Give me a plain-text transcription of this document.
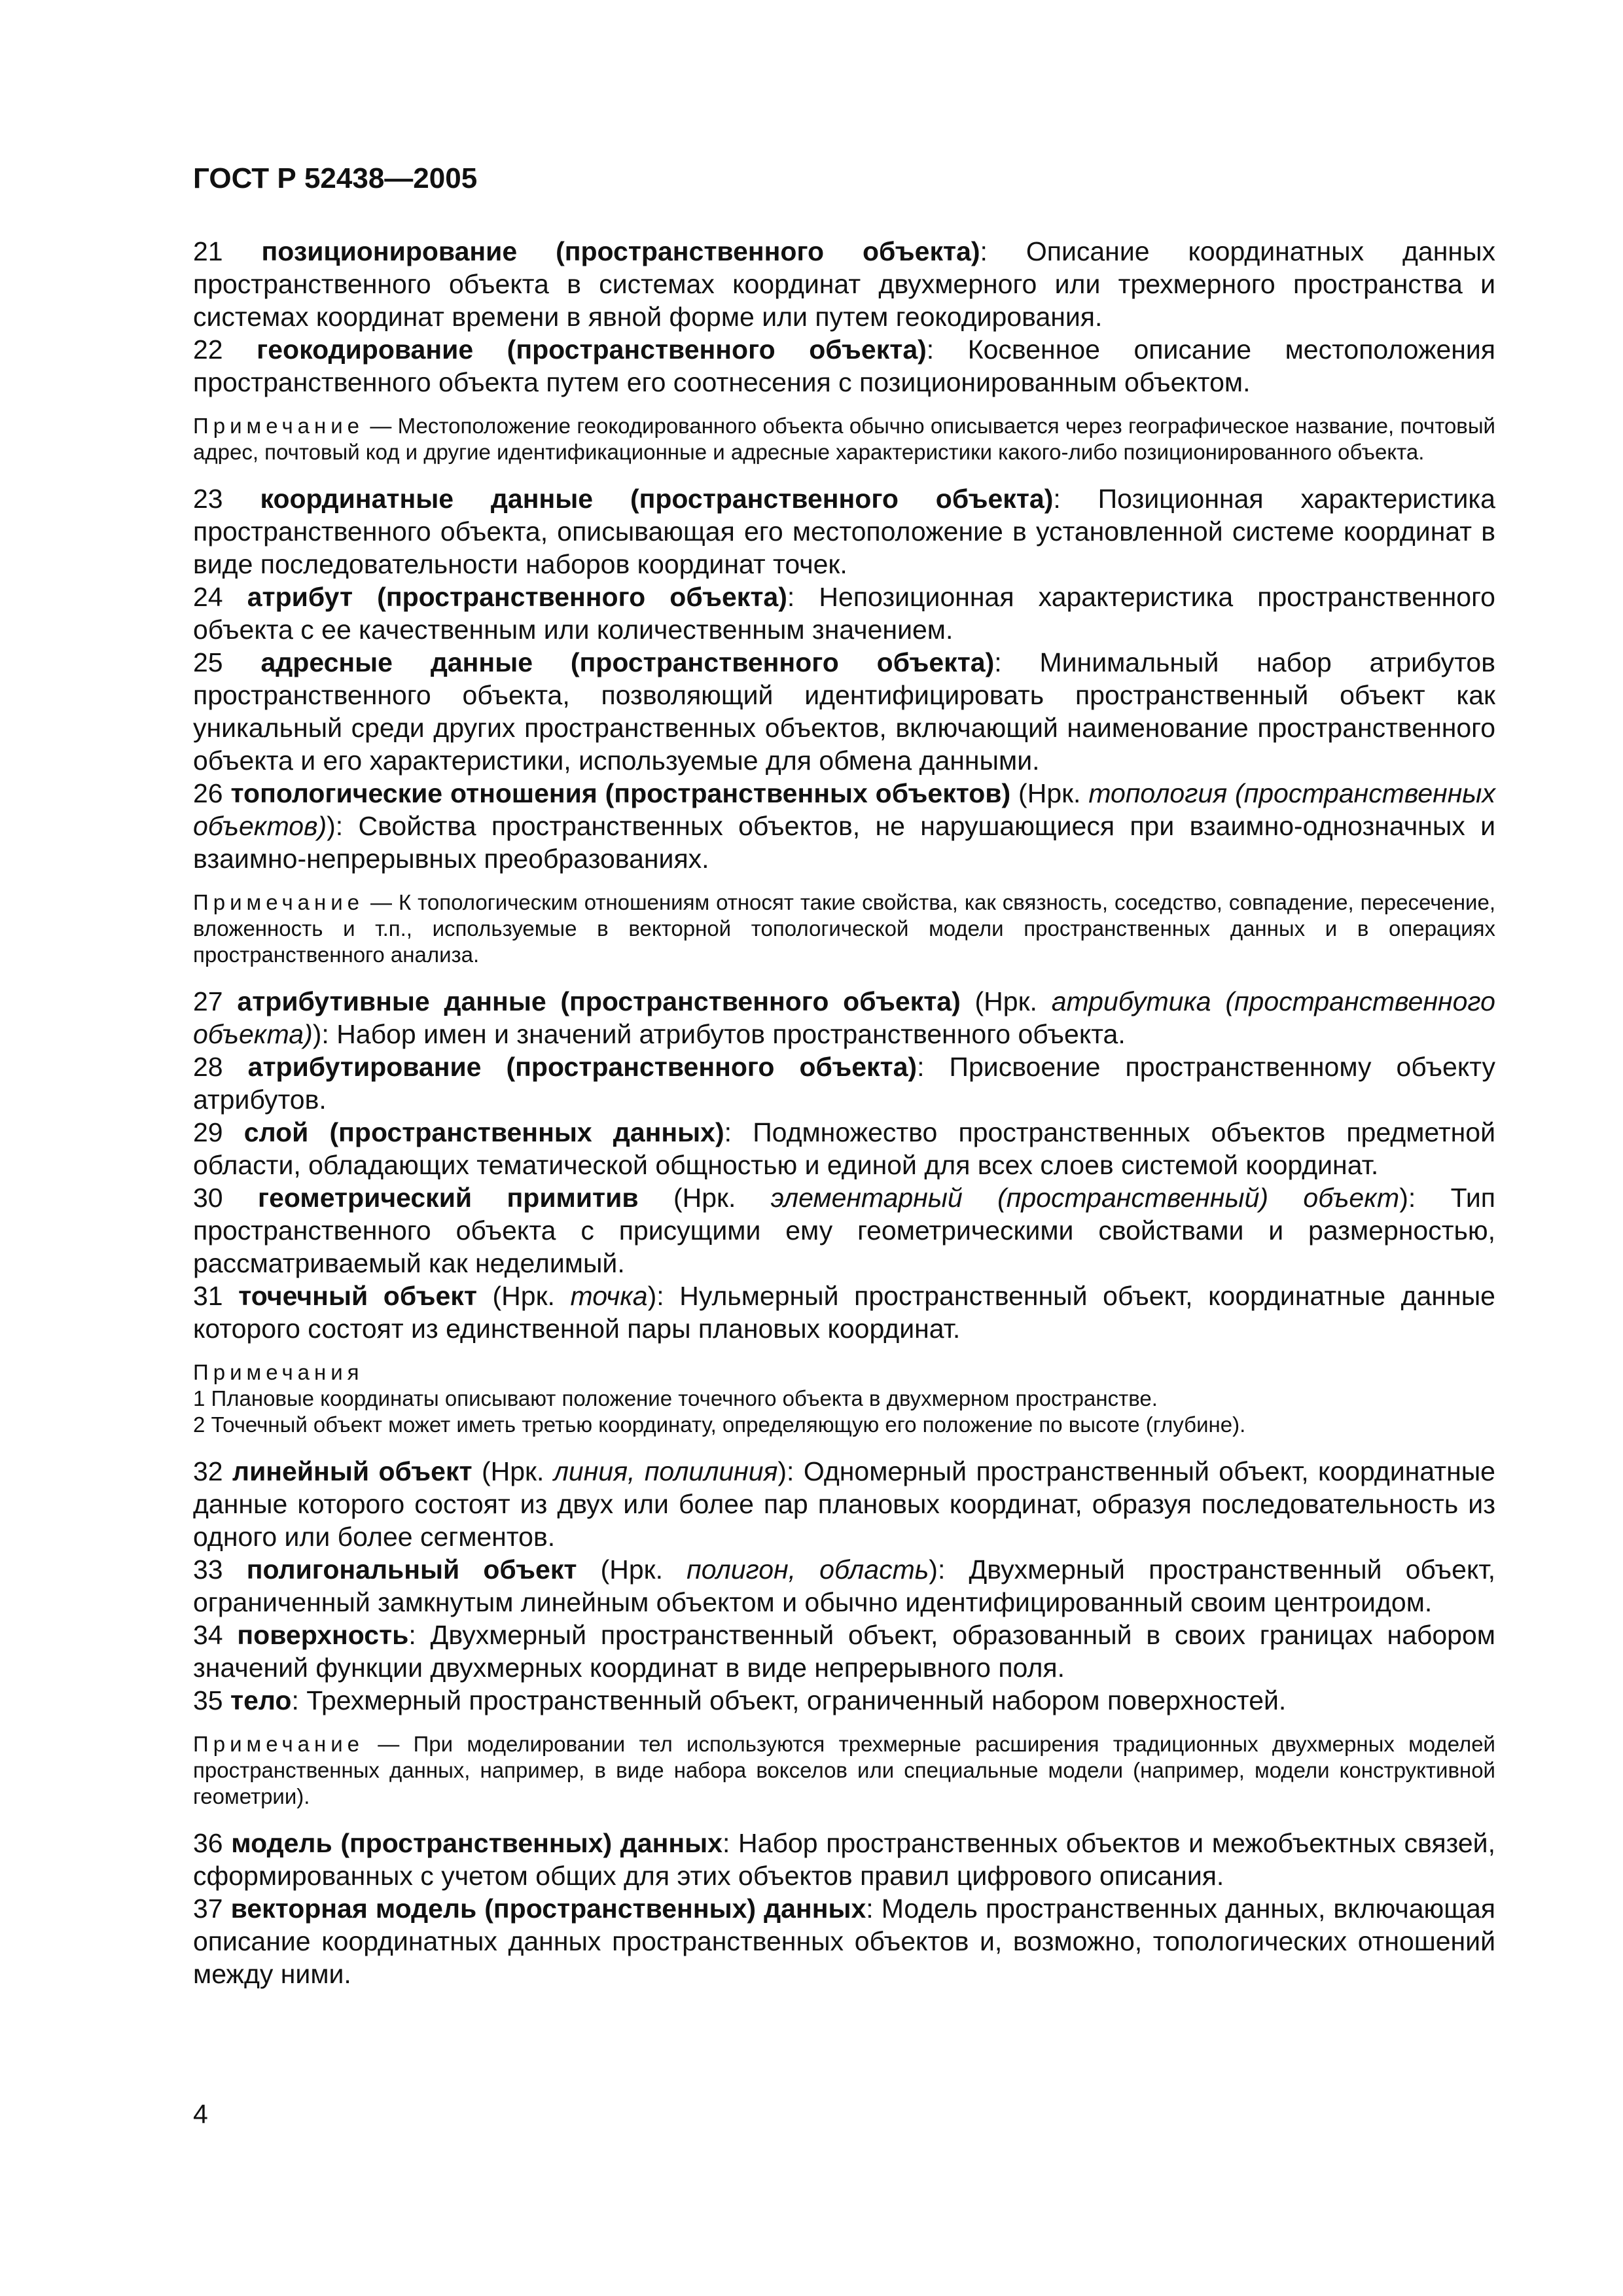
ГОСТ Р 52438—2005

21 позиционирование (пространственного объекта): Описание координатных данных пространственного объекта в системах координат двухмерного или трехмерного пространства и системах координат времени в явной форме или путем геокодирования.

22 геокодирование (пространственного объекта): Косвенное описание местоположения пространственного объекта путем его соотнесения с позиционированным объектом.

Примечание — Местоположение геокодированного объекта обычно описывается через географическое название, почтовый адрес, почтовый код и другие идентификационные и адресные характеристики какого-либо позиционированного объекта.

23 координатные данные (пространственного объекта): Позиционная характеристика пространственного объекта, описывающая его местоположение в установленной системе координат в виде последовательности наборов координат точек.

24 атрибут (пространственного объекта): Непозиционная характеристика пространственного объекта с ее качественным или количественным значением.

25 адресные данные (пространственного объекта): Минимальный набор атрибутов пространственного объекта, позволяющий идентифицировать пространственный объект как уникальный среди других пространственных объектов, включающий наименование пространственного объекта и его характеристики, используемые для обмена данными.

26 топологические отношения (пространственных объектов) (Нрк. топология (пространственных объектов)): Свойства пространственных объектов, не нарушающиеся при взаимно-однозначных и взаимно-непрерывных преобразованиях.

Примечание — К топологическим отношениям относят такие свойства, как связность, соседство, совпадение, пересечение, вложенность и т.п., используемые в векторной топологической модели пространственных данных и в операциях пространственного анализа.

27 атрибутивные данные (пространственного объекта) (Нрк. атрибутика (пространственного объекта)): Набор имен и значений атрибутов пространственного объекта.

28 атрибутирование (пространственного объекта): Присвоение пространственному объекту атрибутов.

29 слой (пространственных данных): Подмножество пространственных объектов предметной области, обладающих тематической общностью и единой для всех слоев системой координат.

30 геометрический примитив (Нрк. элементарный (пространственный) объект): Тип пространственного объекта с присущими ему геометрическими свойствами и размерностью, рассматриваемый как неделимый.

31 точечный объект (Нрк. точка): Нульмерный пространственный объект, координатные данные которого состоят из единственной пары плановых координат.

Примечания
1 Плановые координаты описывают положение точечного объекта в двухмерном пространстве.
2 Точечный объект может иметь третью координату, определяющую его положение по высоте (глубине).

32 линейный объект (Нрк. линия, полилиния): Одномерный пространственный объект, координатные данные которого состоят из двух или более пар плановых координат, образуя последовательность из одного или более сегментов.

33 полигональный объект (Нрк. полигон, область): Двухмерный пространственный объект, ограниченный замкнутым линейным объектом и обычно идентифицированный своим центроидом.

34 поверхность: Двухмерный пространственный объект, образованный в своих границах набором значений функции двухмерных координат в виде непрерывного поля.

35 тело: Трехмерный пространственный объект, ограниченный набором поверхностей.

Примечание — При моделировании тел используются трехмерные расширения традиционных двухмерных моделей пространственных данных, например, в виде набора вокселов или специальные модели (например, модели конструктивной геометрии).

36 модель (пространственных) данных: Набор пространственных объектов и межобъектных связей, сформированных с учетом общих для этих объектов правил цифрового описания.

37 векторная модель (пространственных) данных: Модель пространственных данных, включающая описание координатных данных пространственных объектов и, возможно, топологических отношений между ними.

4
